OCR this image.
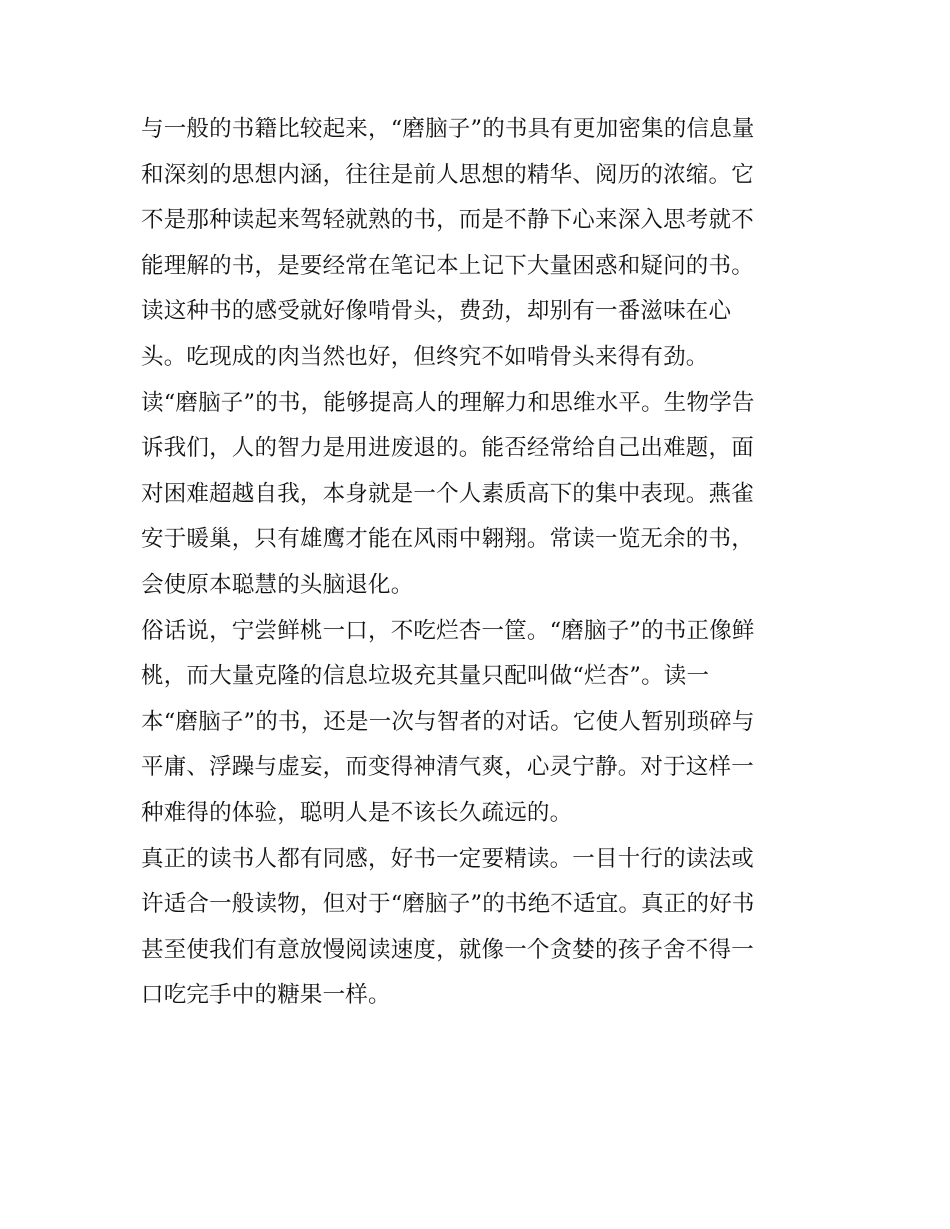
与一般的书籍比较起来，“磨脑子”的书具有更加密集的信息量
和深刻的思想内涵，往往是前人思想的精华、阅历的浓缩。它
不是那种读起来驾轻就熟的书，而是不静下心来深入思考就不
能理解的书，是要经常在笔记本上记下大量困惑和疑问的书。
读这种书的感受就好像啃骨头，费劲，却别有一番滋味在心
头。吃现成的肉当然也好，但终究不如啃骨头来得有劲。
读“磨脑子”的书，能够提高人的理解力和思维水平。生物学告
诉我们，人的智力是用进废退的。能否经常给自己出难题，面
对困难超越自我，本身就是一个人素质高下的集中表现。燕雀
安于暖巢，只有雄鹰才能在风雨中翱翔。常读一览无余的书，
会使原本聪慧的头脑退化。
俗话说，宁尝鲜桃一口，不吃烂杏一筐。“磨脑子”的书正像鲜
桃，而大量克隆的信息垃圾充其量只配叫做“烂杏”。读一
本“磨脑子”的书，还是一次与智者的对话。它使人暂别琐碎与
平庸、浮躁与虚妄，而变得神清气爽，心灵宁静。对于这样一
种难得的体验，聪明人是不该长久疏远的。
真正的读书人都有同感，好书一定要精读。一目十行的读法或
许适合一般读物，但对于“磨脑子”的书绝不适宜。真正的好书
甚至使我们有意放慢阅读速度，就像一个贪婪的孩子舍不得一
口吃完手中的糖果一样。
